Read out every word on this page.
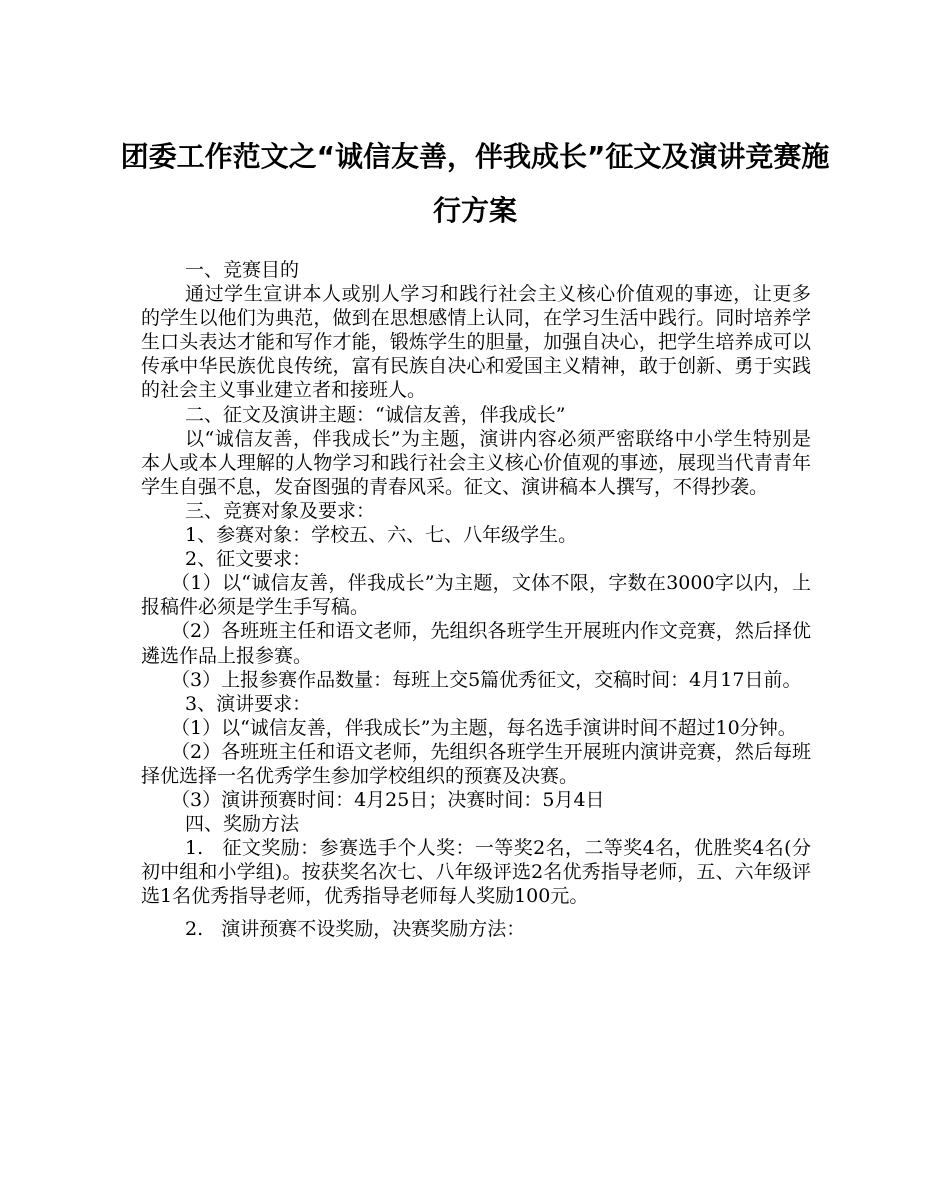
团委工作范文之“诚信友善，伴我成长”征文及演讲竞赛施行方案

一、竞赛目的

通过学生宣讲本人或别人学习和践行社会主义核心价值观的事迹，让更多的学生以他们为典范，做到在思想感情上认同，在学习生活中践行。同时培养学生口头表达才能和写作才能，锻炼学生的胆量，加强自决心，把学生培养成可以传承中华民族优良传统，富有民族自决心和爱国主义精神，敢于创新、勇于实践的社会主义事业建立者和接班人。

二、征文及演讲主题：“诚信友善，伴我成长”

以“诚信友善，伴我成长”为主题，演讲内容必须严密联络中小学生特别是本人或本人理解的人物学习和践行社会主义核心价值观的事迹，展现当代青青年学生自强不息，发奋图强的青春风采。征文、演讲稿本人撰写，不得抄袭。

三、竞赛对象及要求：

1、参赛对象：学校五、六、七、八年级学生。

2、征文要求：

（1）以“诚信友善，伴我成长”为主题，文体不限，字数在3000字以内，上报稿件必须是学生手写稿。

（2）各班班主任和语文老师，先组织各班学生开展班内作文竞赛，然后择优遴选作品上报参赛。

（3）上报参赛作品数量：每班上交5篇优秀征文，交稿时间：4月17日前。

3、演讲要求：

（1）以“诚信友善，伴我成长”为主题，每名选手演讲时间不超过10分钟。

（2）各班班主任和语文老师，先组织各班学生开展班内演讲竞赛，然后每班择优选择一名优秀学生参加学校组织的预赛及决赛。

（3）演讲预赛时间：4月25日；决赛时间：5月4日

四、奖励方法

1.   征文奖励：参赛选手个人奖：一等奖2名，二等奖4名，优胜奖4名(分初中组和小学组)。按获奖名次七、八年级评选2名优秀指导老师，五、六年级评选1名优秀指导老师，优秀指导老师每人奖励100元。

2.   演讲预赛不设奖励，决赛奖励方法：
